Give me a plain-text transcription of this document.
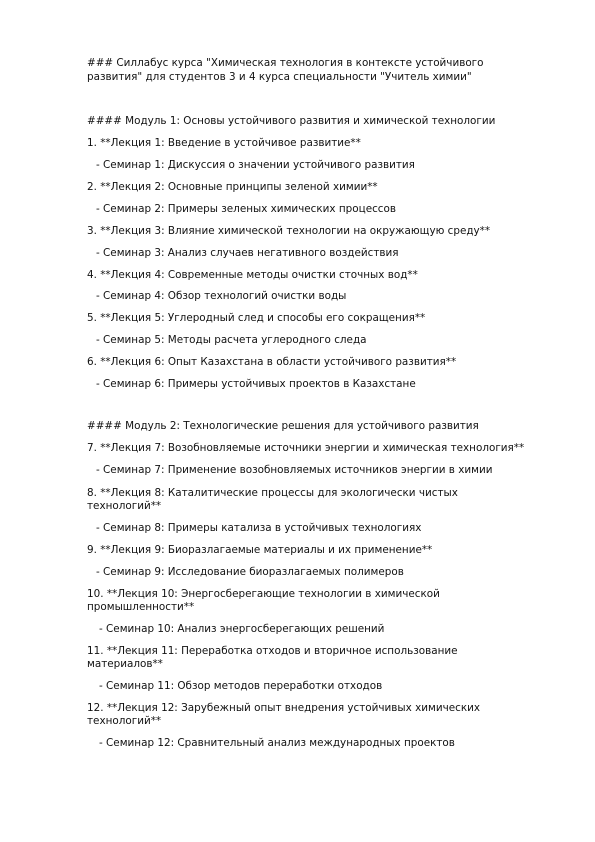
### Силлабус курса "Химическая технология в контексте устойчивого
развития" для студентов 3 и 4 курса специальности "Учитель химии"
#### Модуль 1: Основы устойчивого развития и химической технологии
1. **Лекция 1: Введение в устойчивое развитие**
- Семинар 1: Дискуссия о значении устойчивого развития
2. **Лекция 2: Основные принципы зеленой химии**
- Семинар 2: Примеры зеленых химических процессов
3. **Лекция 3: Влияние химической технологии на окружающую среду**
- Семинар 3: Анализ случаев негативного воздействия
4. **Лекция 4: Современные методы очистки сточных вод**
- Семинар 4: Обзор технологий очистки воды
5. **Лекция 5: Углеродный след и способы его сокращения**
- Семинар 5: Методы расчета углеродного следа
6. **Лекция 6: Опыт Казахстана в области устойчивого развития**
- Семинар 6: Примеры устойчивых проектов в Казахстане
#### Модуль 2: Технологические решения для устойчивого развития
7. **Лекция 7: Возобновляемые источники энергии и химическая технология**
- Семинар 7: Применение возобновляемых источников энергии в химии
8. **Лекция 8: Каталитические процессы для экологически чистых
технологий**
- Семинар 8: Примеры катализа в устойчивых технологиях
9. **Лекция 9: Биоразлагаемые материалы и их применение**
- Семинар 9: Исследование биоразлагаемых полимеров
10. **Лекция 10: Энергосберегающие технологии в химической
промышленности**
- Семинар 10: Анализ энергосберегающих решений
11. **Лекция 11: Переработка отходов и вторичное использование
материалов**
- Семинар 11: Обзор методов переработки отходов
12. **Лекция 12: Зарубежный опыт внедрения устойчивых химических
технологий**
- Семинар 12: Сравнительный анализ международных проектов
